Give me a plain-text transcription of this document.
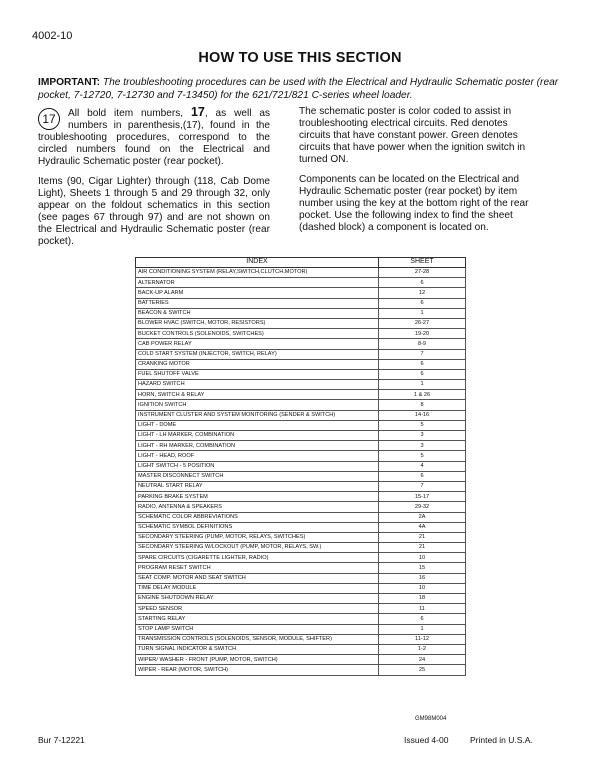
4002-10
HOW TO USE THIS SECTION
IMPORTANT: The troubleshooting procedures can be used with the Electrical and Hydraulic Schematic poster (rear pocket, 7-12720, 7-12730 and 7-13450) for the 621/721/821 C-series wheel loader.

17	All bold item numbers, 17, as well as numbers in parenthesis,(17), found in the troubleshooting procedures, correspond to the circled numbers found on the Electrical and Hydraulic Schematic poster (rear pocket).

Items (90, Cigar Lighter) through (118, Cab Dome Light), Sheets 1 through 5 and 29 through 32, only appear on the foldout schematics in this section (see pages 67 through 97) and are not shown on the Electrical and Hydraulic Schematic poster (rear pocket).

The schematic poster is color coded to assist in troubleshooting electrical circuits. Red denotes circuits that have constant power. Green denotes circuits that have power when the ignition switch in turned ON.

Components can be located on the Electrical and Hydraulic Schematic poster (rear pocket) by item number using the key at the bottom right of the rear pocket. Use the following index to find the sheet (dashed block) a component is located on.

INDEX	SHEET
AIR CONDITIONING SYSTEM (RELAY,SWITCH,CLUTCH,MOTOR)	27-28
ALTERNATOR	6
BACK-UP ALARM	12
BATTERIES	6
BEACON & SWITCH	1
BLOWER HVAC (SWITCH, MOTOR, RESISTORS)	26-27
BUCKET CONTROLS (SOLENOIDS, SWITCHES)	19-20
CAB POWER RELAY	8-9
COLD START SYSTEM (INJECTOR, SWITCH, RELAY)	7
CRANKING MOTOR	6
FUEL SHUTOFF VALVE	6
HAZARD SWITCH	1
HORN, SWITCH & RELAY	1 & 26
IGNITION SWITCH	8
INSTRUMENT CLUSTER AND SYSTEM MONITORING (SENDER & SWITCH)	14-16
LIGHT - DOME	5
LIGHT - LH MARKER, COMBINATION	3
LIGHT - RH MARKER, COMBINATION	3
LIGHT - HEAD, ROOF	5
LIGHT SWITCH - 5 POSITION	4
MASTER DISCONNECT SWITCH	6
NEUTRAL START RELAY	7
PARKING BRAKE SYSTEM	15-17
RADIO, ANTENNA & SPEAKERS	29-32
SCHEMATIC COLOR ABBREVIATIONS	2A
SCHEMATIC SYMBOL DEFINITIONS	4A
SECONDARY STEERING (PUMP, MOTOR, RELAYS, SWITCHES)	21
SECONDARY STEERING W/LOCKOUT (PUMP, MOTOR, RELAYS, SW.)	21
SPARE CIRCUITS (CIGARETTE LIGHTER, RADIO)	10
PROGRAM RESET SWITCH	15
SEAT COMP. MOTOR AND SEAT SWITCH	16
TIME DELAY MODULE	10
ENGINE SHUTDOWN RELAY	18
SPEED SENSOR	11
STARTING RELAY	6
STOP LAMP SWITCH	1
TRANSMISSION CONTROLS (SOLENOIDS, SENSOR, MODULE, SHIFTER)	11-12
TURN SIGNAL INDICATOR & SWITCH	1-2
WIPER/ WASHER - FRONT (PUMP, MOTOR, SWITCH)	24
WIPER - REAR (MOTOR, SWITCH)	25
GM98M004
Bur 7-12221	Issued 4-00	Printed in U.S.A.
